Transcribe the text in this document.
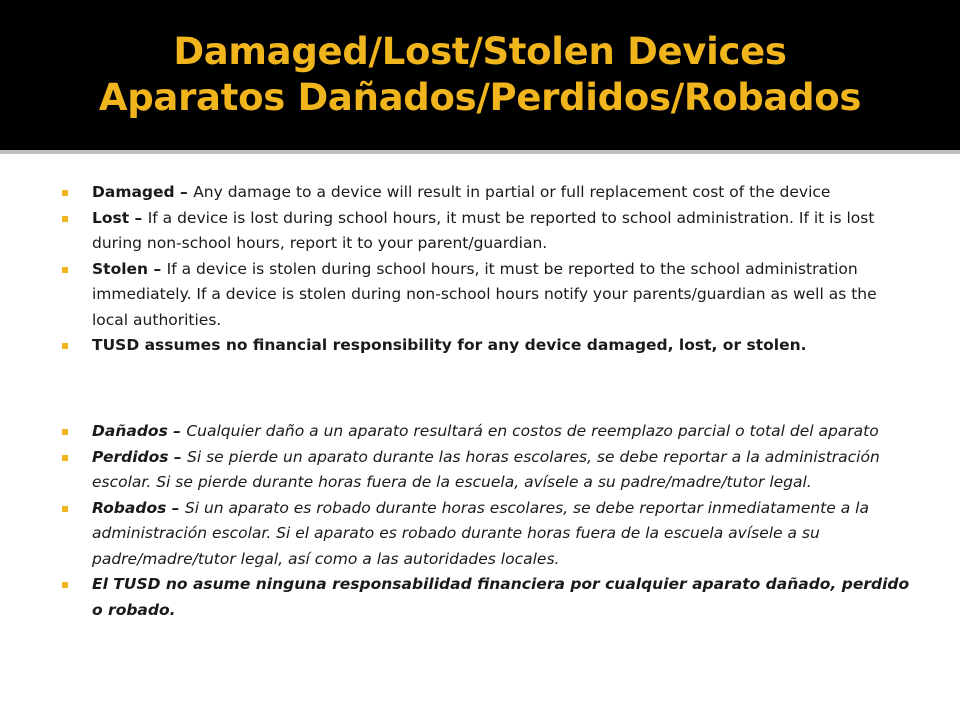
Damaged/Lost/Stolen Devices
Aparatos Dañados/Perdidos/Robados
Damaged – Any damage to a device will result in partial or full replacement cost of the device
Lost – If a device is lost during school hours, it must be reported to school administration. If it is lost during non-school hours, report it to your parent/guardian.
Stolen – If a device is stolen during school hours, it must be reported to the school administration immediately. If a device is stolen during non-school hours notify your parents/guardian as well as the local authorities.
TUSD assumes no financial responsibility for any device damaged, lost, or stolen.
Dañados – Cualquier daño a un aparato resultará en costos de reemplazo parcial o total del aparato
Perdidos – Si se pierde un aparato durante las horas escolares, se debe reportar a la administración escolar. Si se pierde durante horas fuera de la escuela, avísele a su padre/madre/tutor legal.
Robados – Si un aparato es robado durante horas escolares, se debe reportar inmediatamente a la administración escolar. Si el aparato es robado durante horas fuera de la escuela avísele a su padre/madre/tutor legal, así como a las autoridades locales.
El TUSD no asume ninguna responsabilidad financiera por cualquier aparato dañado, perdido o robado.
